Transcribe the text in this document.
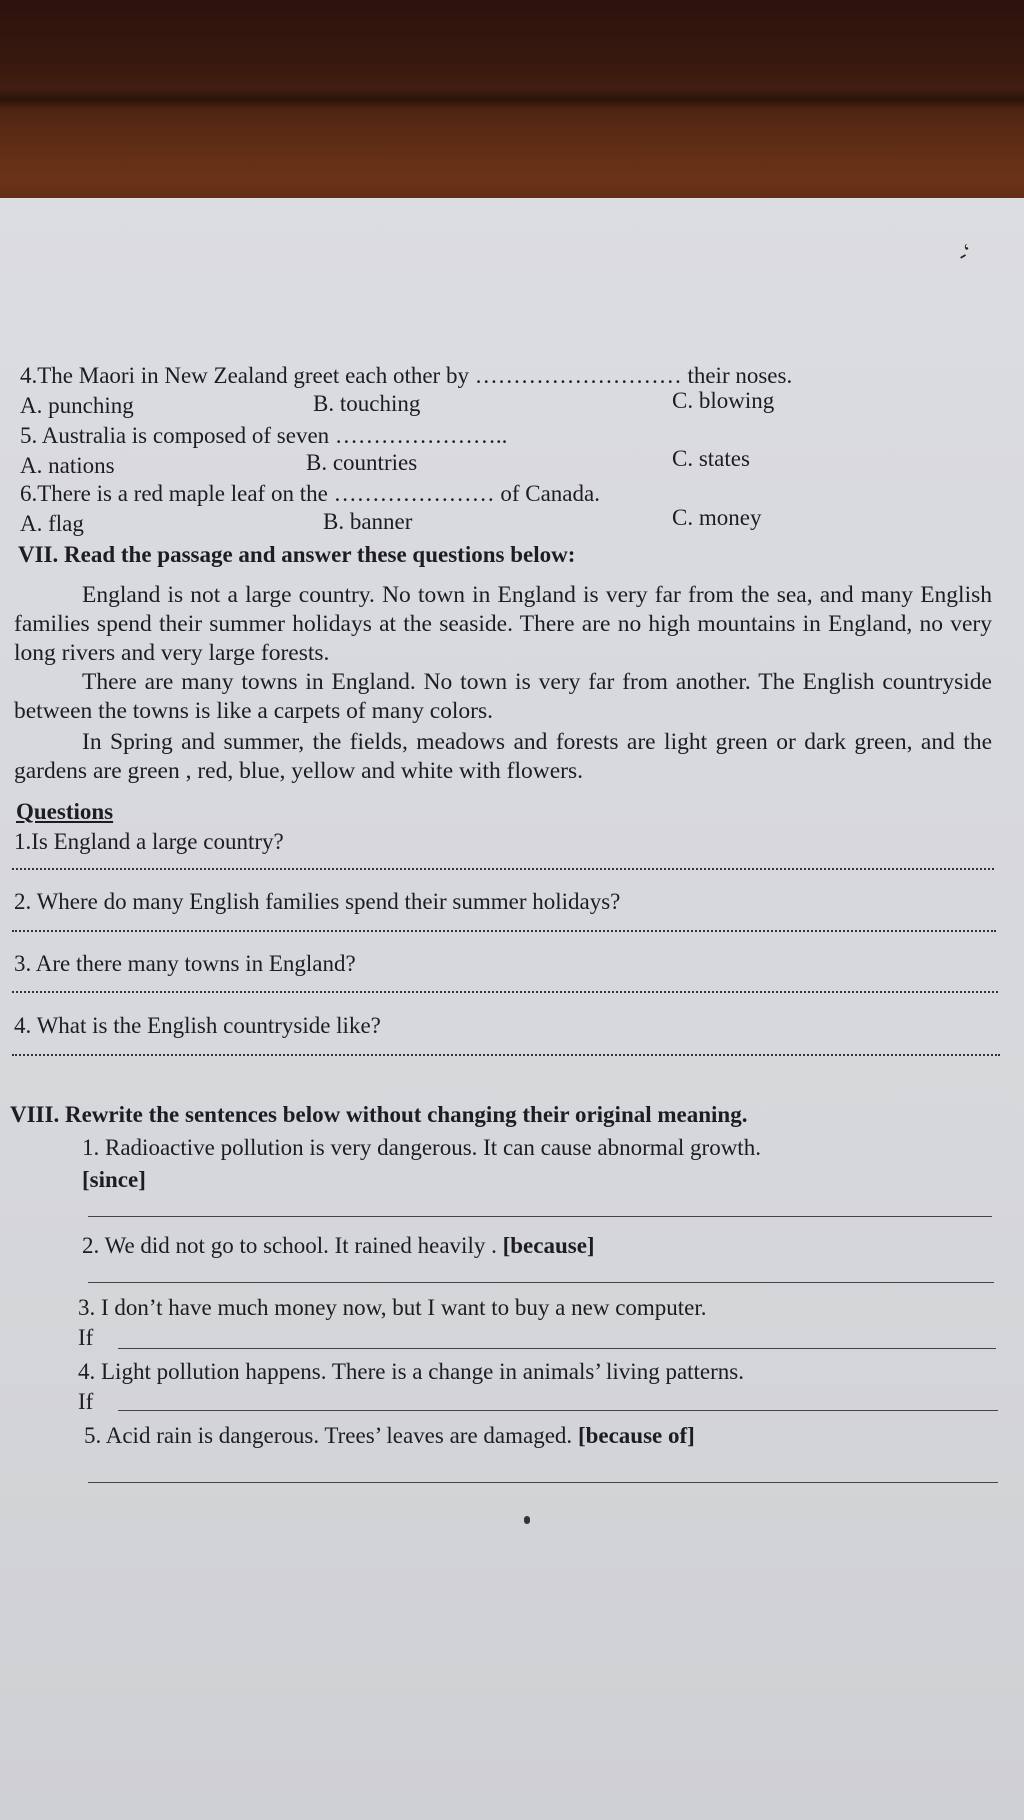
-‘
4.The Maori in New Zealand greet each other by ……………………… their noses.
A. punching	B. touching	C. blowing
5. Australia is composed of seven …………………..
A. nations	B. countries	C. states
6.There is a red maple leaf on the ………………… of Canada.
A. flag	B. banner	C. money
VII. Read the passage and answer these questions below:
England is not a large country. No town in England is very far from the sea, and many English families spend their summer holidays at the seaside. There are no high mountains in England, no very long rivers and very large forests.
There are many towns in England. No town is very far from another. The English countryside between the towns is like a carpets of many colors.
In Spring and summer, the fields, meadows and forests are light green or dark green, and the gardens are green , red, blue, yellow and white with flowers.
Questions
1.Is England a large country?
2. Where do many English families spend their summer holidays?
3. Are there many towns in England?
4. What is the English countryside like?
VIII. Rewrite the sentences below without changing their original meaning.
1. Radioactive pollution is very dangerous. It can cause abnormal growth.
[since]
2. We did not go to school. It rained heavily . [because]
3. I don’t have much money now, but I want to buy a new computer.
If
4. Light pollution happens. There is a change in animals’ living patterns.
If
5. Acid rain is dangerous. Trees’ leaves are damaged. [because of]
